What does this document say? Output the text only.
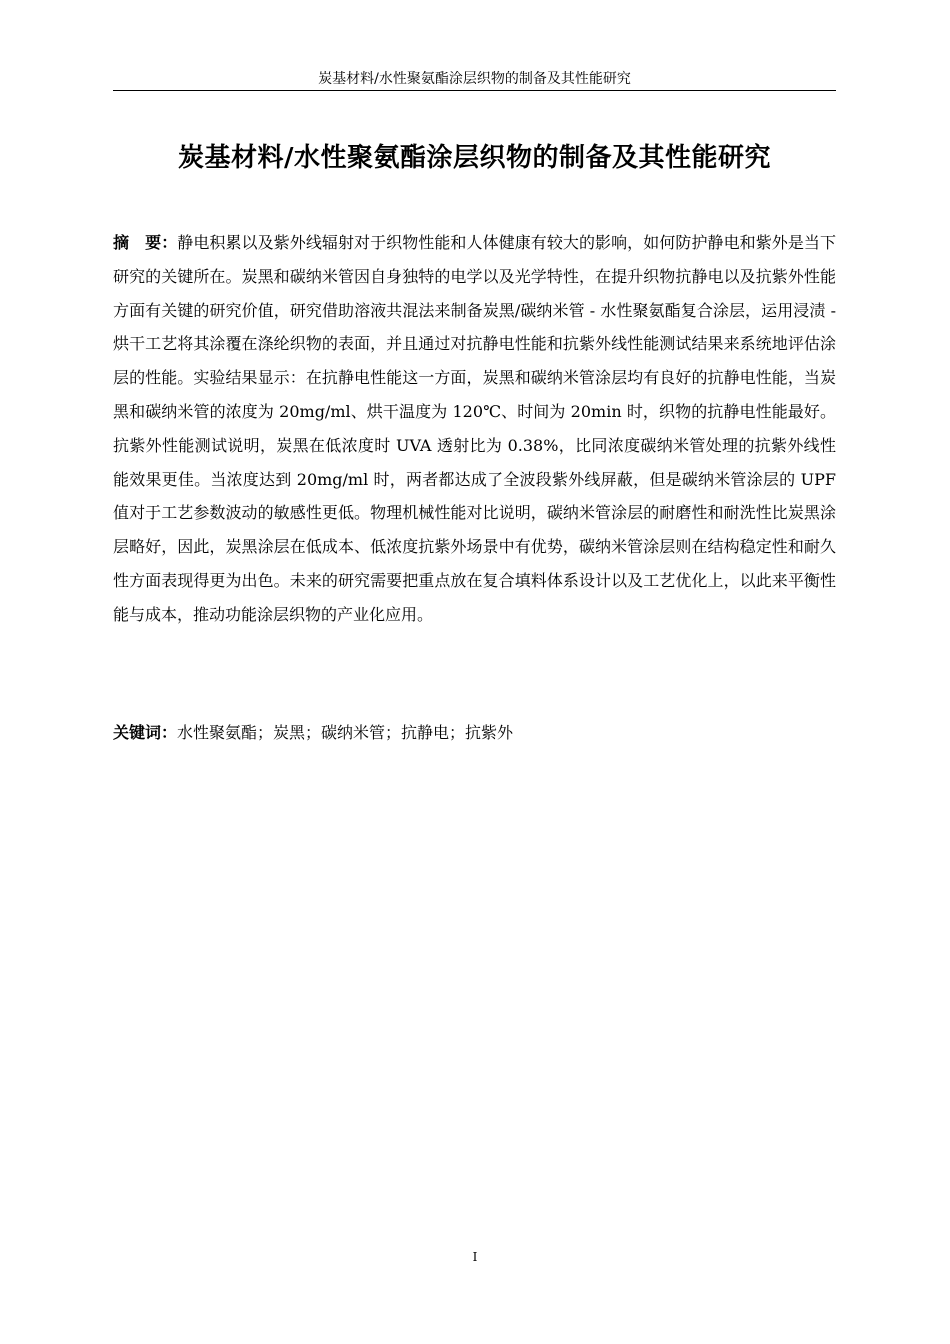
炭基材料/水性聚氨酯涂层织物的制备及其性能研究
炭基材料/水性聚氨酯涂层织物的制备及其性能研究
摘　要：静电积累以及紫外线辐射对于织物性能和人体健康有较大的影响，如何防护静电和紫外是当下研究的关键所在。炭黑和碳纳米管因自身独特的电学以及光学特性，在提升织物抗静电以及抗紫外性能方面有关键的研究价值，研究借助溶液共混法来制备炭黑/碳纳米管 - 水性聚氨酯复合涂层，运用浸渍 - 烘干工艺将其涂覆在涤纶织物的表面，并且通过对抗静电性能和抗紫外线性能测试结果来系统地评估涂层的性能。实验结果显示：在抗静电性能这一方面，炭黑和碳纳米管涂层均有良好的抗静电性能，当炭黑和碳纳米管的浓度为 20mg/ml、烘干温度为 120℃、时间为 20min 时，织物的抗静电性能最好。抗紫外性能测试说明，炭黑在低浓度时 UVA 透射比为 0.38%，比同浓度碳纳米管处理的抗紫外线性能效果更佳。当浓度达到 20mg/ml 时，两者都达成了全波段紫外线屏蔽，但是碳纳米管涂层的 UPF 值对于工艺参数波动的敏感性更低。物理机械性能对比说明，碳纳米管涂层的耐磨性和耐洗性比炭黑涂层略好，因此，炭黑涂层在低成本、低浓度抗紫外场景中有优势，碳纳米管涂层则在结构稳定性和耐久性方面表现得更为出色。未来的研究需要把重点放在复合填料体系设计以及工艺优化上，以此来平衡性能与成本，推动功能涂层织物的产业化应用。
关键词：水性聚氨酯；炭黑；碳纳米管；抗静电；抗紫外
I
